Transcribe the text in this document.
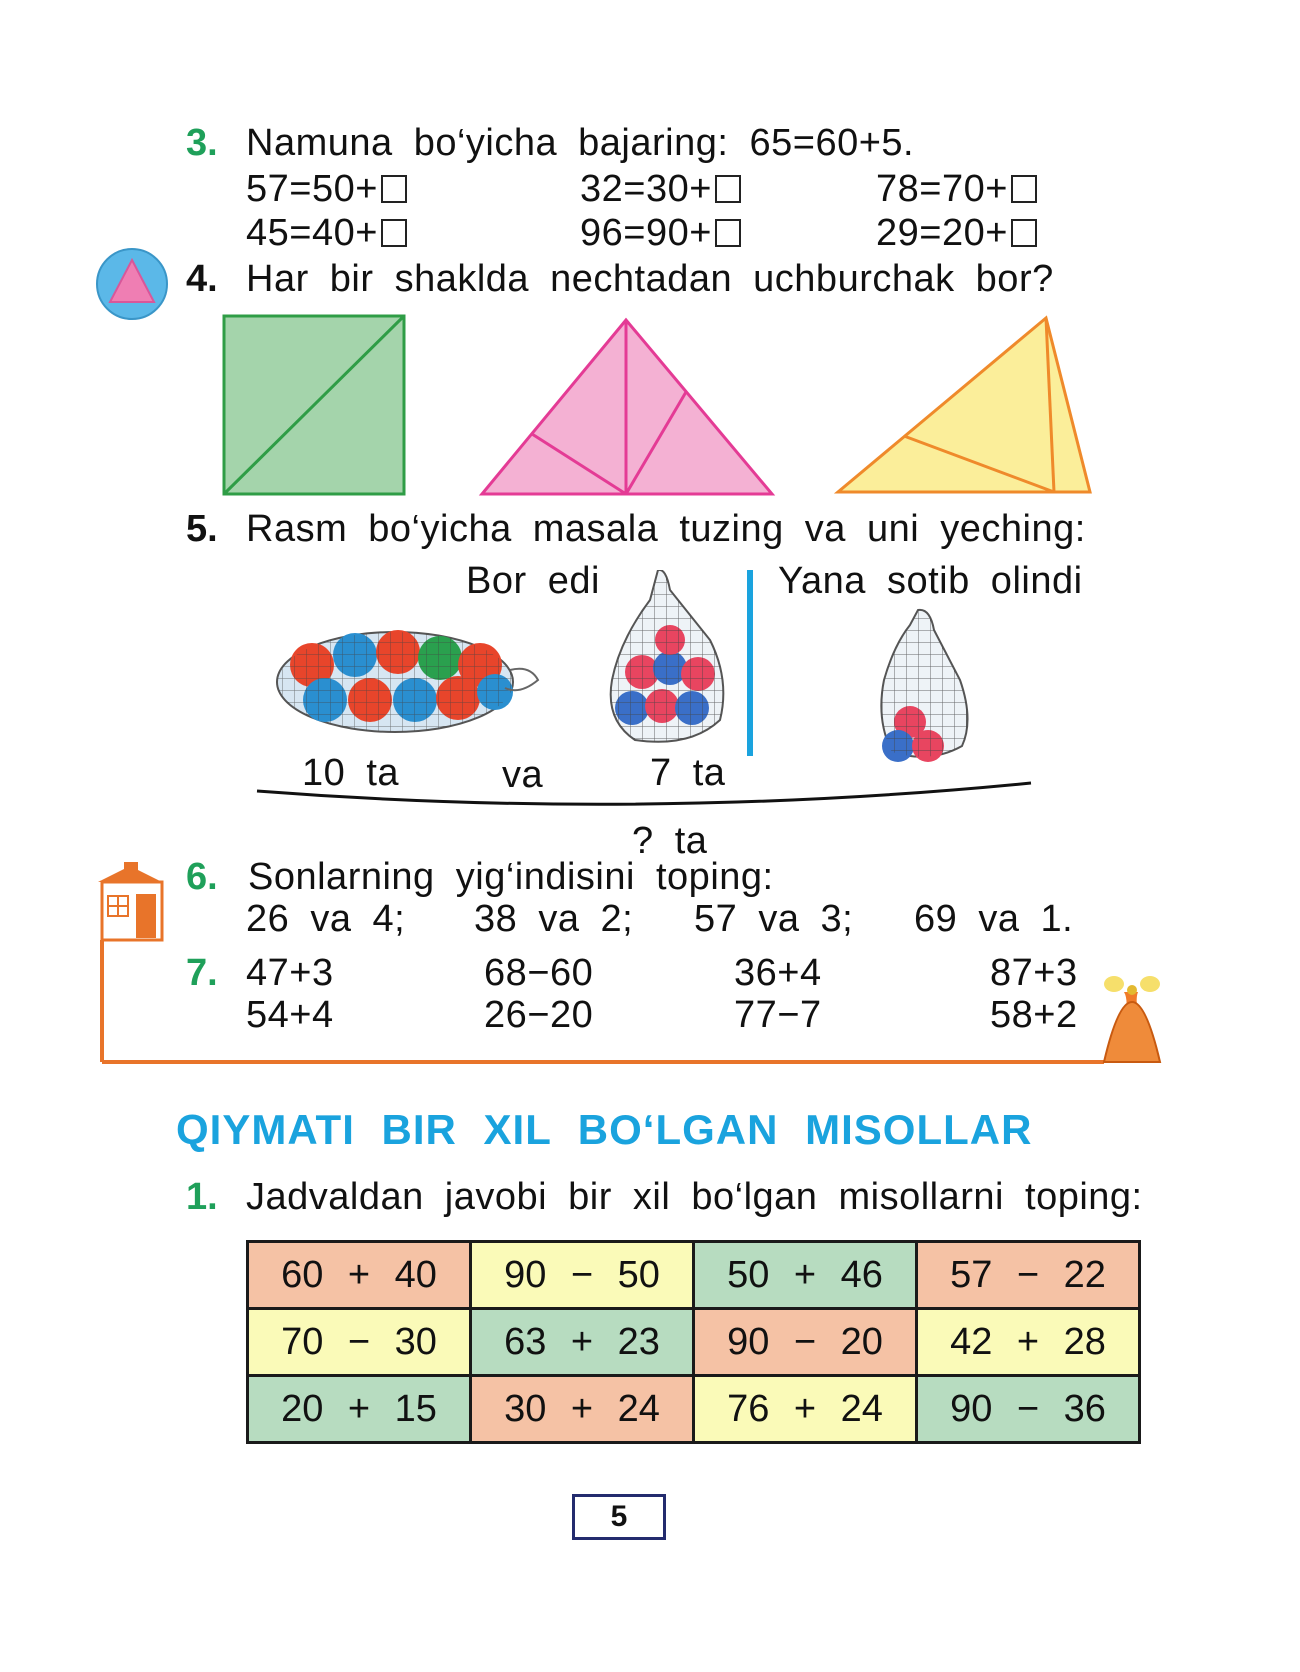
3. Namuna bo‘yicha bajaring: 65=60+5.
57=50+	32=30+	78=70+
45=40+	96=90+	29=20+
4. Har bir shaklda nechtadan uchburchak bor?
5. Rasm bo‘yicha masala tuzing va uni yeching:
Bor edi	Yana sotib olindi
10 ta	va	7 ta
? ta
6. Sonlarning yig‘indisini toping:
26 va 4; 38 va 2; 57 va 3; 69 va 1.
7. 47+3	68−60	36+4	87+3
54+4	26−20	77−7	58+2
QIYMATI BIR XIL BO‘LGAN MISOLLAR
1. Jadvaldan javobi bir xil bo‘lgan misollarni toping:
60 + 40	90 − 50	50 + 46	57 − 22
70 − 30	63 + 23	90 − 20	42 + 28
20 + 15	30 + 24	76 + 24	90 − 36
5
